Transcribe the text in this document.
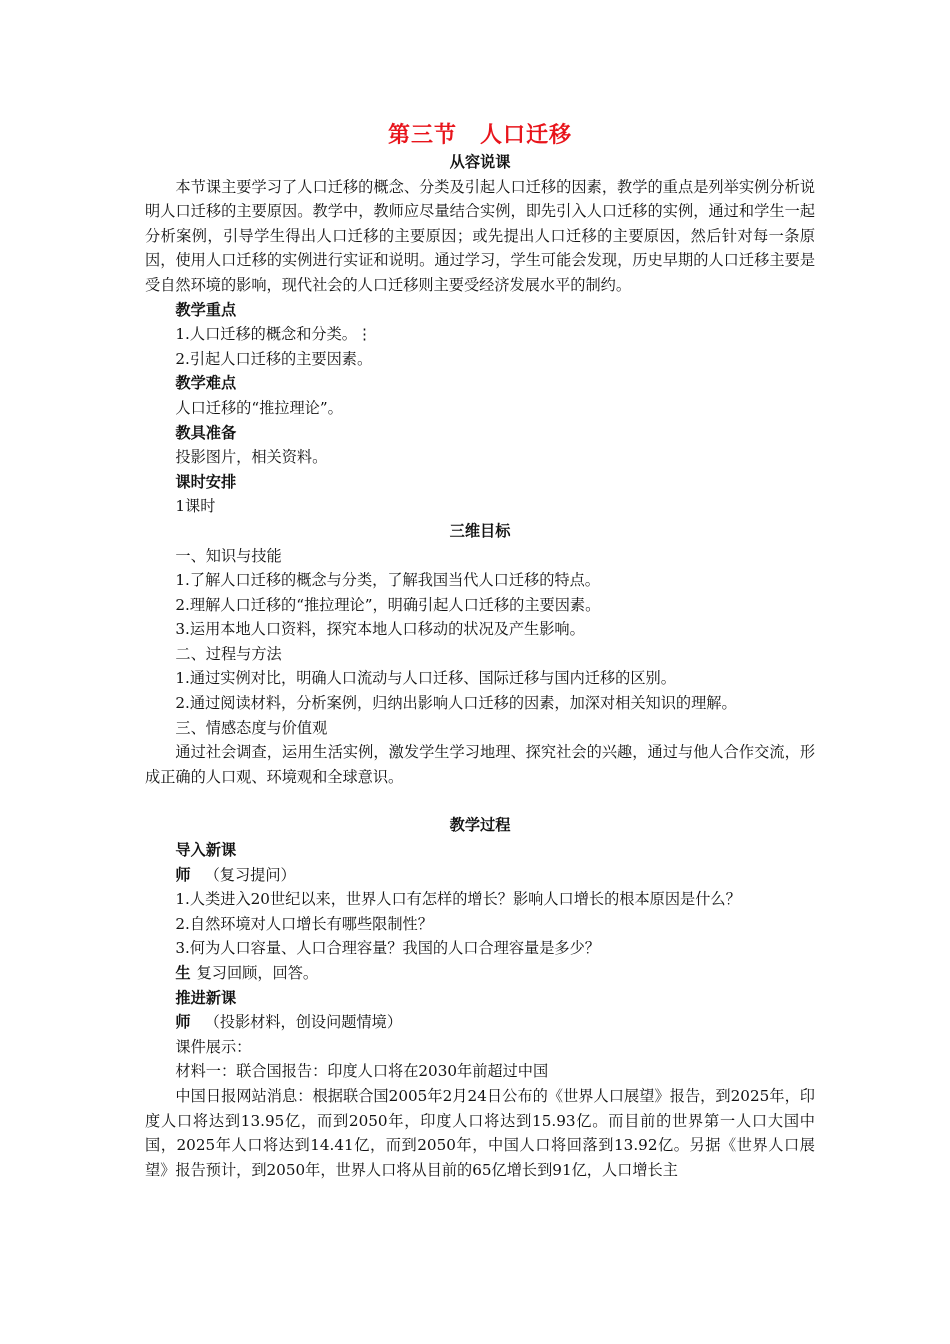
第三节　人口迁移

从容说课

本节课主要学习了人口迁移的概念、分类及引起人口迁移的因素，教学的重点是列举实例分析说明人口迁移的主要原因。教学中，教师应尽量结合实例，即先引入人口迁移的实例，通过和学生一起分析案例，引导学生得出人口迁移的主要原因；或先提出人口迁移的主要原因，然后针对每一条原因，使用人口迁移的实例进行实证和说明。通过学习，学生可能会发现，历史早期的人口迁移主要是受自然环境的影响，现代社会的人口迁移则主要受经济发展水平的制约。

教学重点

1.人口迁移的概念和分类。⋮

2.引起人口迁移的主要因素。

教学难点

人口迁移的“推拉理论”。

教具准备

投影图片，相关资料。

课时安排

1课时

三维目标

一、知识与技能

1.了解人口迁移的概念与分类，了解我国当代人口迁移的特点。

2.理解人口迁移的“推拉理论”，明确引起人口迁移的主要因素。

3.运用本地人口资料，探究本地人口移动的状况及产生影响。

二、过程与方法

1.通过实例对比，明确人口流动与人口迁移、国际迁移与国内迁移的区别。

2.通过阅读材料，分析案例，归纳出影响人口迁移的因素，加深对相关知识的理解。

三、情感态度与价值观

通过社会调查，运用生活实例，激发学生学习地理、探究社会的兴趣，通过与他人合作交流，形成正确的人口观、环境观和全球意识。

教学过程

导入新课

师 （复习提问）

1.人类进入20世纪以来，世界人口有怎样的增长？影响人口增长的根本原因是什么？

2.自然环境对人口增长有哪些限制性？

3.何为人口容量、人口合理容量？我国的人口合理容量是多少？

生 复习回顾，回答。

推进新课

师 （投影材料，创设问题情境）

课件展示：

材料一：联合国报告：印度人口将在2030年前超过中国

中国日报网站消息：根据联合国2005年2月24日公布的《世界人口展望》报告，到2025年，印度人口将达到13.95亿，而到2050年，印度人口将达到15.93亿。而目前的世界第一人口大国中国，2025年人口将达到14.41亿，而到2050年，中国人口将回落到13.92亿。另据《世界人口展望》报告预计，到2050年，世界人口将从目前的65亿增长到91亿，人口增长主
